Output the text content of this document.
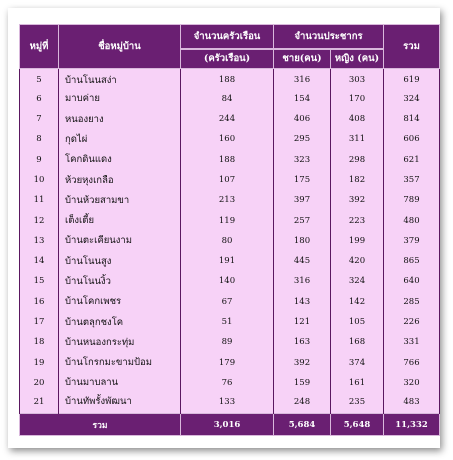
หมู่ที่	ชื่อหมู่บ้าน	จำนวนครัวเรือน	จำนวนประชากร		รวม
		(ครัวเรือน)	ชาย(คน)	หญิง (คน)	
5	บ้านโนนสง่า	188	316	303	619
6	มาบค่าย	84	154	170	324
7	หนองยาง	244	406	408	814
8	กุดไผ่	160	295	311	606
9	โคกดินแดง	188	323	298	621
10	ห้วยหุงเกลือ	107	175	182	357
11	บ้านห้วยสามขา	213	397	392	789
12	เต็งเตี้ย	119	257	223	480
13	บ้านตะเคียนงาม	80	180	199	379
14	บ้านโนนสูง	191	445	420	865
15	บ้านโนนงิ้ว	140	316	324	640
16	บ้านโคกเพชร	67	143	142	285
17	บ้านตลุกชงโค	51	121	105	226
18	บ้านหนองกระทุ่ม	89	163	168	331
19	บ้านโกรกมะขามป้อม	179	392	374	766
20	บ้านมาบลาน	76	159	161	320
21	บ้านทัพรั้งพัฒนา	133	248	235	483
รวม		3,016	5,684	5,648	11,332
